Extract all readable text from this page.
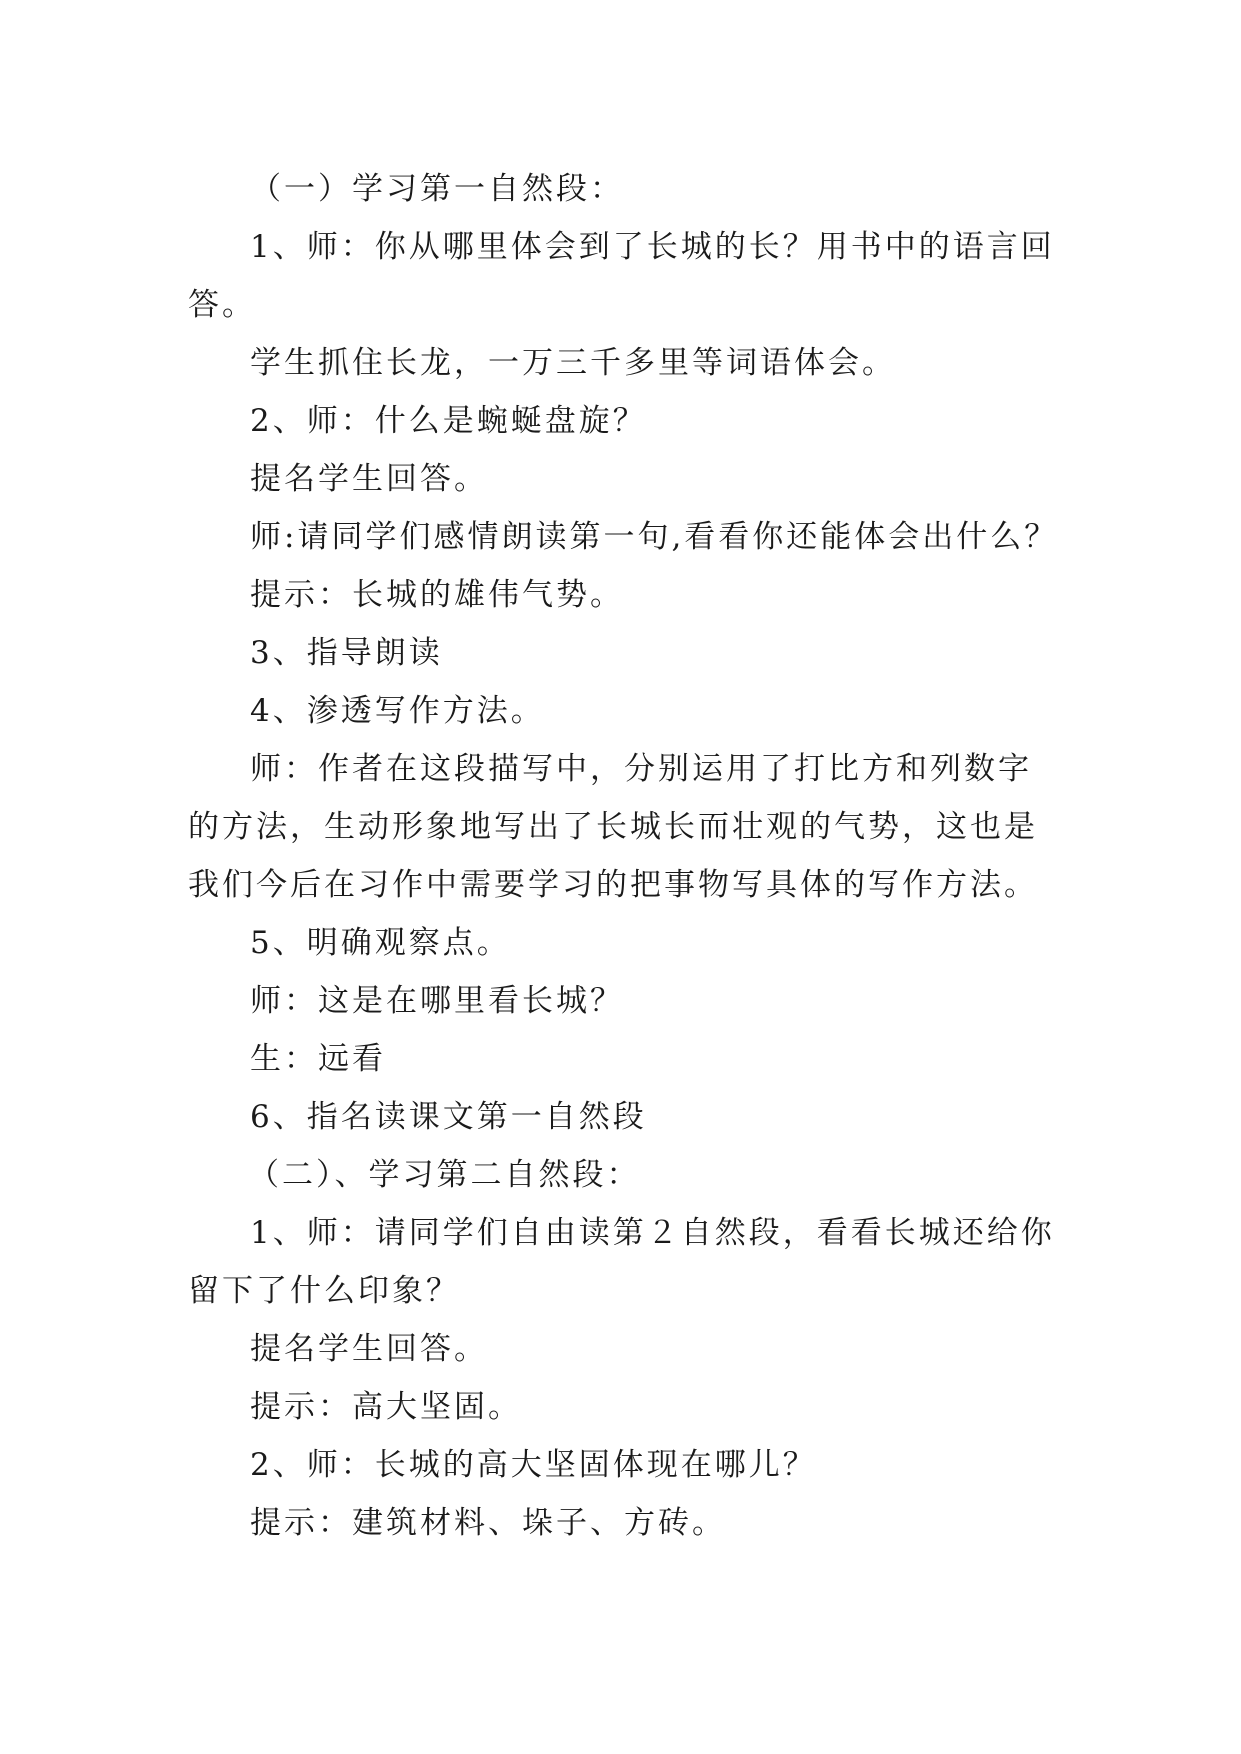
（一）学习第一自然段：

1、师：你从哪里体会到了长城的长？用书中的语言回答。

学生抓住长龙，一万三千多里等词语体会。

2、师：什么是蜿蜒盘旋？

提名学生回答。

师:请同学们感情朗读第一句,看看你还能体会出什么？

提示：长城的雄伟气势。

3、指导朗读

4、渗透写作方法。

师：作者在这段描写中，分别运用了打比方和列数字的方法，生动形象地写出了长城长而壮观的气势，这也是我们今后在习作中需要学习的把事物写具体的写作方法。

5、明确观察点。

师：这是在哪里看长城？

生：远看

6、指名读课文第一自然段

（二）、学习第二自然段：

1、师：请同学们自由读第２自然段，看看长城还给你留下了什么印象？

提名学生回答。

提示：高大坚固。

2、师：长城的高大坚固体现在哪儿？

提示：建筑材料、垛子、方砖。
